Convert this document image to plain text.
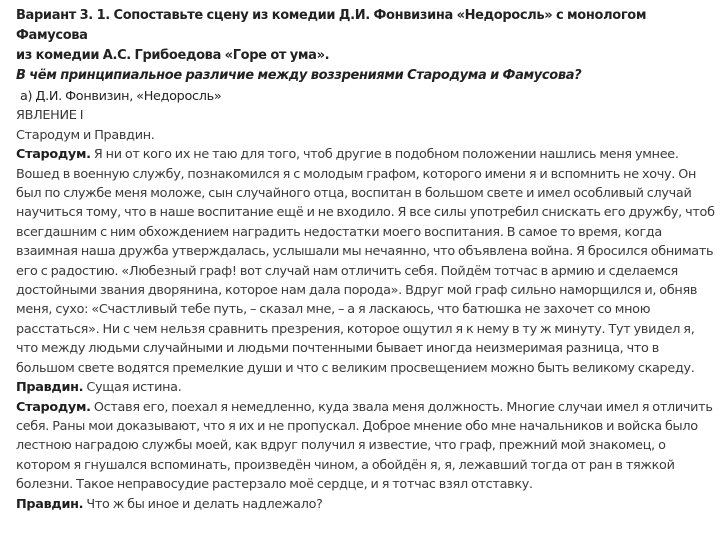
Вариант 3. 1. Сопоставьте сцену из комедии Д.И. Фонвизина «Недоросль» с монологом Фамусова

из комедии А.С. Грибоедова «Горе от ума».

В чём принципиальное различие между воззрениями Стародума и Фамусова?

а) Д.И. Фонвизин, «Недоросль»

ЯВЛЕНИЕ I

Стародум и Правдин.

Стародум. Я ни от кого их не таю для того, чтоб другие в подобном положении нашлись меня умнее. Вошед в военную службу, познакомился я с молодым графом, которого имени я и вспомнить не хочу. Он был по службе меня моложе, сын случайного отца, воспитан в большом свете и имел особливый случай научиться тому, что в наше воспитание ещё и не входило. Я все силы употребил снискать его дружбу, чтоб всегдашним с ним обхождением наградить недостатки моего воспитания. В самое то время, когда взаимная наша дружба утверждалась, услышали мы нечаянно, что объявлена война. Я бросился обнимать его с радостию. «Любезный граф! вот случай нам отличить себя. Пойдём тотчас в армию и сделаемся достойными звания дворянина, которое нам дала порода». Вдруг мой граф сильно наморщился и, обняв меня, сухо: «Счастливый тебе путь, – сказал мне, – а я ласкаюсь, что батюшка не захочет со мною расстаться». Ни с чем нельзя сравнить презрения, которое ощутил я к нему в ту ж минуту. Тут увидел я, что между людьми случайными и людьми почтенными бывает иногда неизмеримая разница, что в большом свете водятся премелкие души и что с великим просвещением можно быть великому скареду.

Правдин. Сущая истина.

Стародум. Оставя его, поехал я немедленно, куда звала меня должность. Многие случаи имел я отличить себя. Раны мои доказывают, что я их и не пропускал. Доброе мнение обо мне начальников и войска было лестною наградою службы моей, как вдруг получил я известие, что граф, прежний мой знакомец, о котором я гнушался вспоминать, произведён чином, а обойдён я, я, лежавший тогда от ран в тяжкой болезни. Такое неправосудие растерзало моё сердце, и я тотчас взял отставку.

Правдин. Что ж бы иное и делать надлежало?
